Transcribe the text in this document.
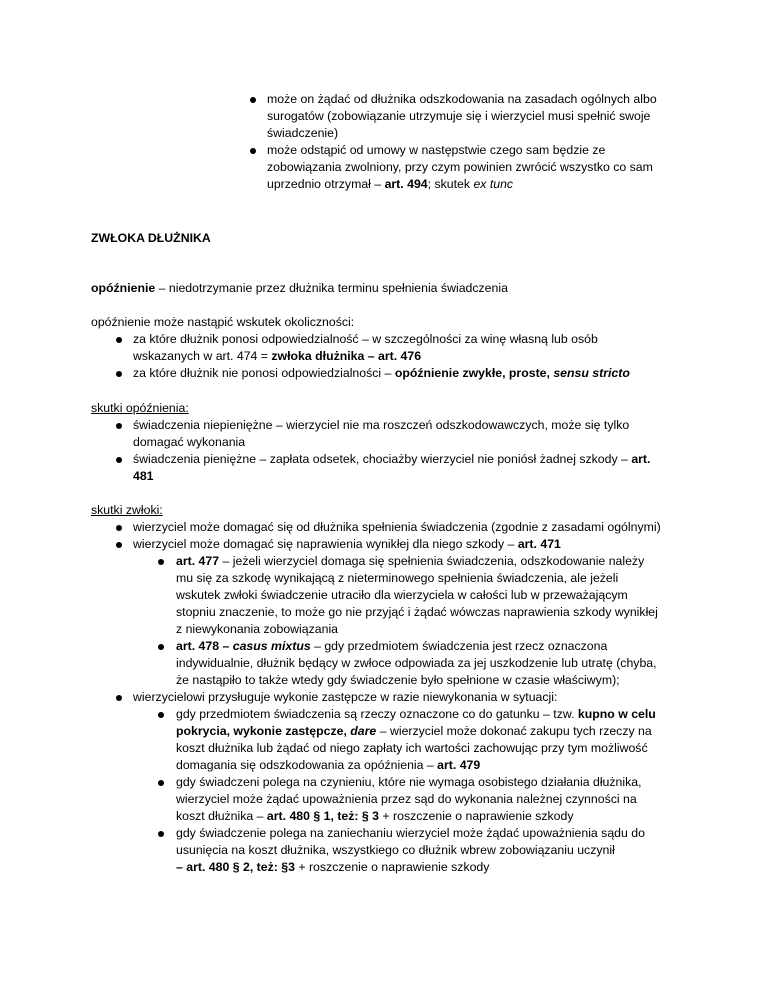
może on żądać od dłużnika odszkodowania na zasadach ogólnych albo
surogatów (zobowiązanie utrzymuje się i wierzyciel musi spełnić swoje
świadczenie)
może odstąpić od umowy w następstwie czego sam będzie ze
zobowiązania zwolniony, przy czym powinien zwrócić wszystko co sam
uprzednio otrzymał – art. 494; skutek ex tunc
ZWŁOKA DŁUŻNIKA
opóźnienie – niedotrzymanie przez dłużnika terminu spełnienia świadczenia
opóźnienie może nastąpić wskutek okoliczności:
za które dłużnik ponosi odpowiedzialność – w szczególności za winę własną lub osób
wskazanych w art. 474 = zwłoka dłużnika – art. 476
za które dłużnik nie ponosi odpowiedzialności – opóźnienie zwykłe, proste, sensu stricto
skutki opóźnienia:
świadczenia niepieniężne – wierzyciel nie ma roszczeń odszkodowawczych, może się tylko
domagać wykonania
świadczenia pieniężne – zapłata odsetek, chociażby wierzyciel nie poniósł żadnej szkody – art.
481
skutki zwłoki:
wierzyciel może domagać się od dłużnika spełnienia świadczenia (zgodnie z zasadami ogólnymi)
wierzyciel może domagać się naprawienia wynikłej dla niego szkody – art. 471
art. 477 – jeżeli wierzyciel domaga się spełnienia świadczenia, odszkodowanie należy
mu się za szkodę wynikającą z nieterminowego spełnienia świadczenia, ale jeżeli
wskutek zwłoki świadczenie utraciło dla wierzyciela w całości lub w przeważającym
stopniu znaczenie, to może go nie przyjąć i żądać wówczas naprawienia szkody wynikłej
z niewykonania zobowiązania
art. 478 – casus mixtus – gdy przedmiotem świadczenia jest rzecz oznaczona
indywidualnie, dłużnik będący w zwłoce odpowiada za jej uszkodzenie lub utratę (chyba,
że nastąpiło to także wtedy gdy świadczenie było spełnione w czasie właściwym);
wierzycielowi przysługuje wykonie zastępcze w razie niewykonania w sytuacji:
gdy przedmiotem świadczenia są rzeczy oznaczone co do gatunku – tzw. kupno w celu
pokrycia, wykonie zastępcze, dare – wierzyciel może dokonać zakupu tych rzeczy na
koszt dłużnika lub żądać od niego zapłaty ich wartości zachowując przy tym możliwość
domagania się odszkodowania za opóźnienia – art. 479
gdy świadczeni polega na czynieniu, które nie wymaga osobistego działania dłużnika,
wierzyciel może żądać upoważnienia przez sąd do wykonania należnej czynności na
koszt dłużnika – art. 480 § 1, też: § 3 + roszczenie o naprawienie szkody
gdy świadczenie polega na zaniechaniu wierzyciel może żądać upoważnienia sądu do
usunięcia na koszt dłużnika, wszystkiego co dłużnik wbrew zobowiązaniu uczynił
– art. 480 § 2, też: §3 + roszczenie o naprawienie szkody
